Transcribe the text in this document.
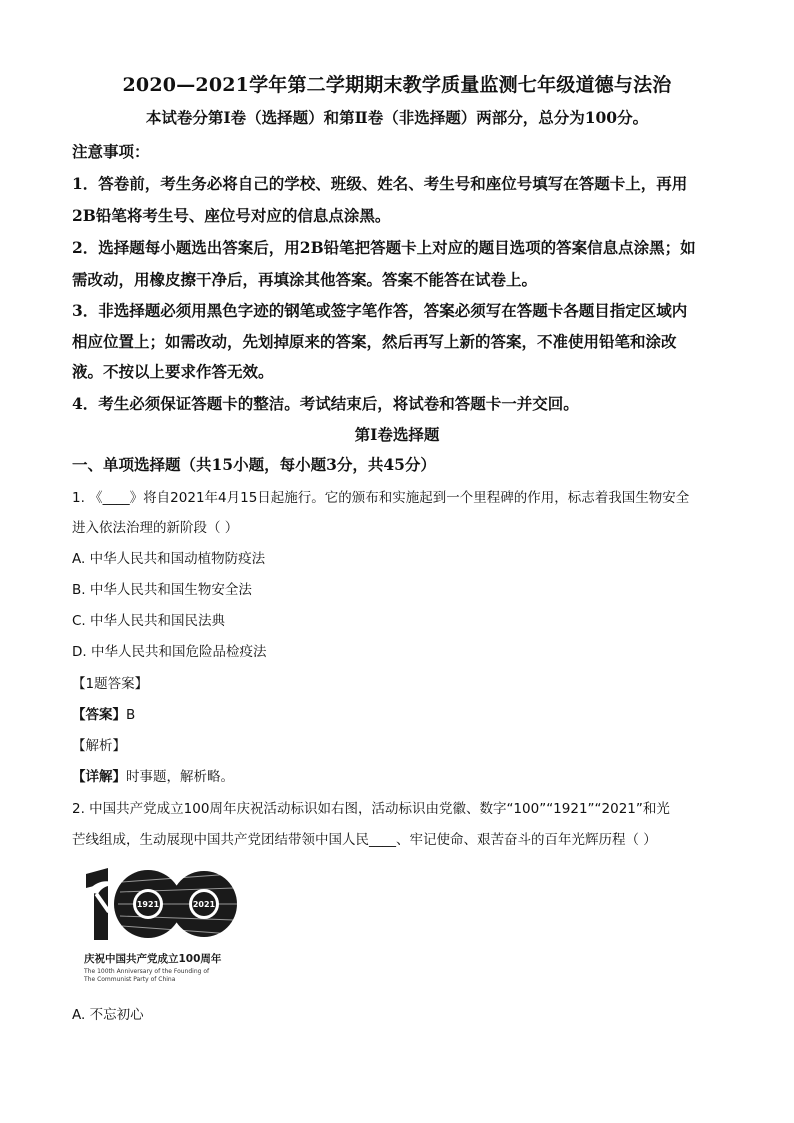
2020—2021学年第二学期期末教学质量监测七年级道德与法治
本试卷分第Ⅰ卷（选择题）和第Ⅱ卷（非选择题）两部分，总分为100分。
注意事项：
1．答卷前，考生务必将自己的学校、班级、姓名、考生号和座位号填写在答题卡上，再用
2B铅笔将考生号、座位号对应的信息点涂黑。
2．选择题每小题选出答案后，用2B铅笔把答题卡上对应的题目选项的答案信息点涂黑；如
需改动，用橡皮擦干净后，再填涂其他答案。答案不能答在试卷上。
3．非选择题必须用黑色字迹的钢笔或签字笔作答，答案必须写在答题卡各题目指定区域内
相应位置上；如需改动，先划掉原来的答案，然后再写上新的答案，不准使用铅笔和涂改
液。不按以上要求作答无效。
4．考生必须保证答题卡的整洁。考试结束后，将试卷和答题卡一并交回。
第Ⅰ卷选择题
一、单项选择题（共15小题，每小题3分，共45分）
1. 《____》将自2021年4月15日起施行。它的颁布和实施起到一个里程碑的作用，标志着我国生物安全
进入依法治理的新阶段（ ）
A. 中华人民共和国动植物防疫法
B. 中华人民共和国生物安全法
C. 中华人民共和国民法典
D. 中华人民共和国危险品检疫法
【1题答案】
【答案】B
【解析】
【详解】时事题，解析略。
2. 中国共产党成立100周年庆祝活动标识如右图，活动标识由党徽、数字“100”“1921”“2021”和光
芒线组成，生动展现中国共产党团结带领中国人民____、牢记使命、艰苦奋斗的百年光辉历程（ ）
1921	2021
庆祝中国共产党成立100周年
The 100th Anniversary of the Founding of
The Communist Party of China
A. 不忘初心
